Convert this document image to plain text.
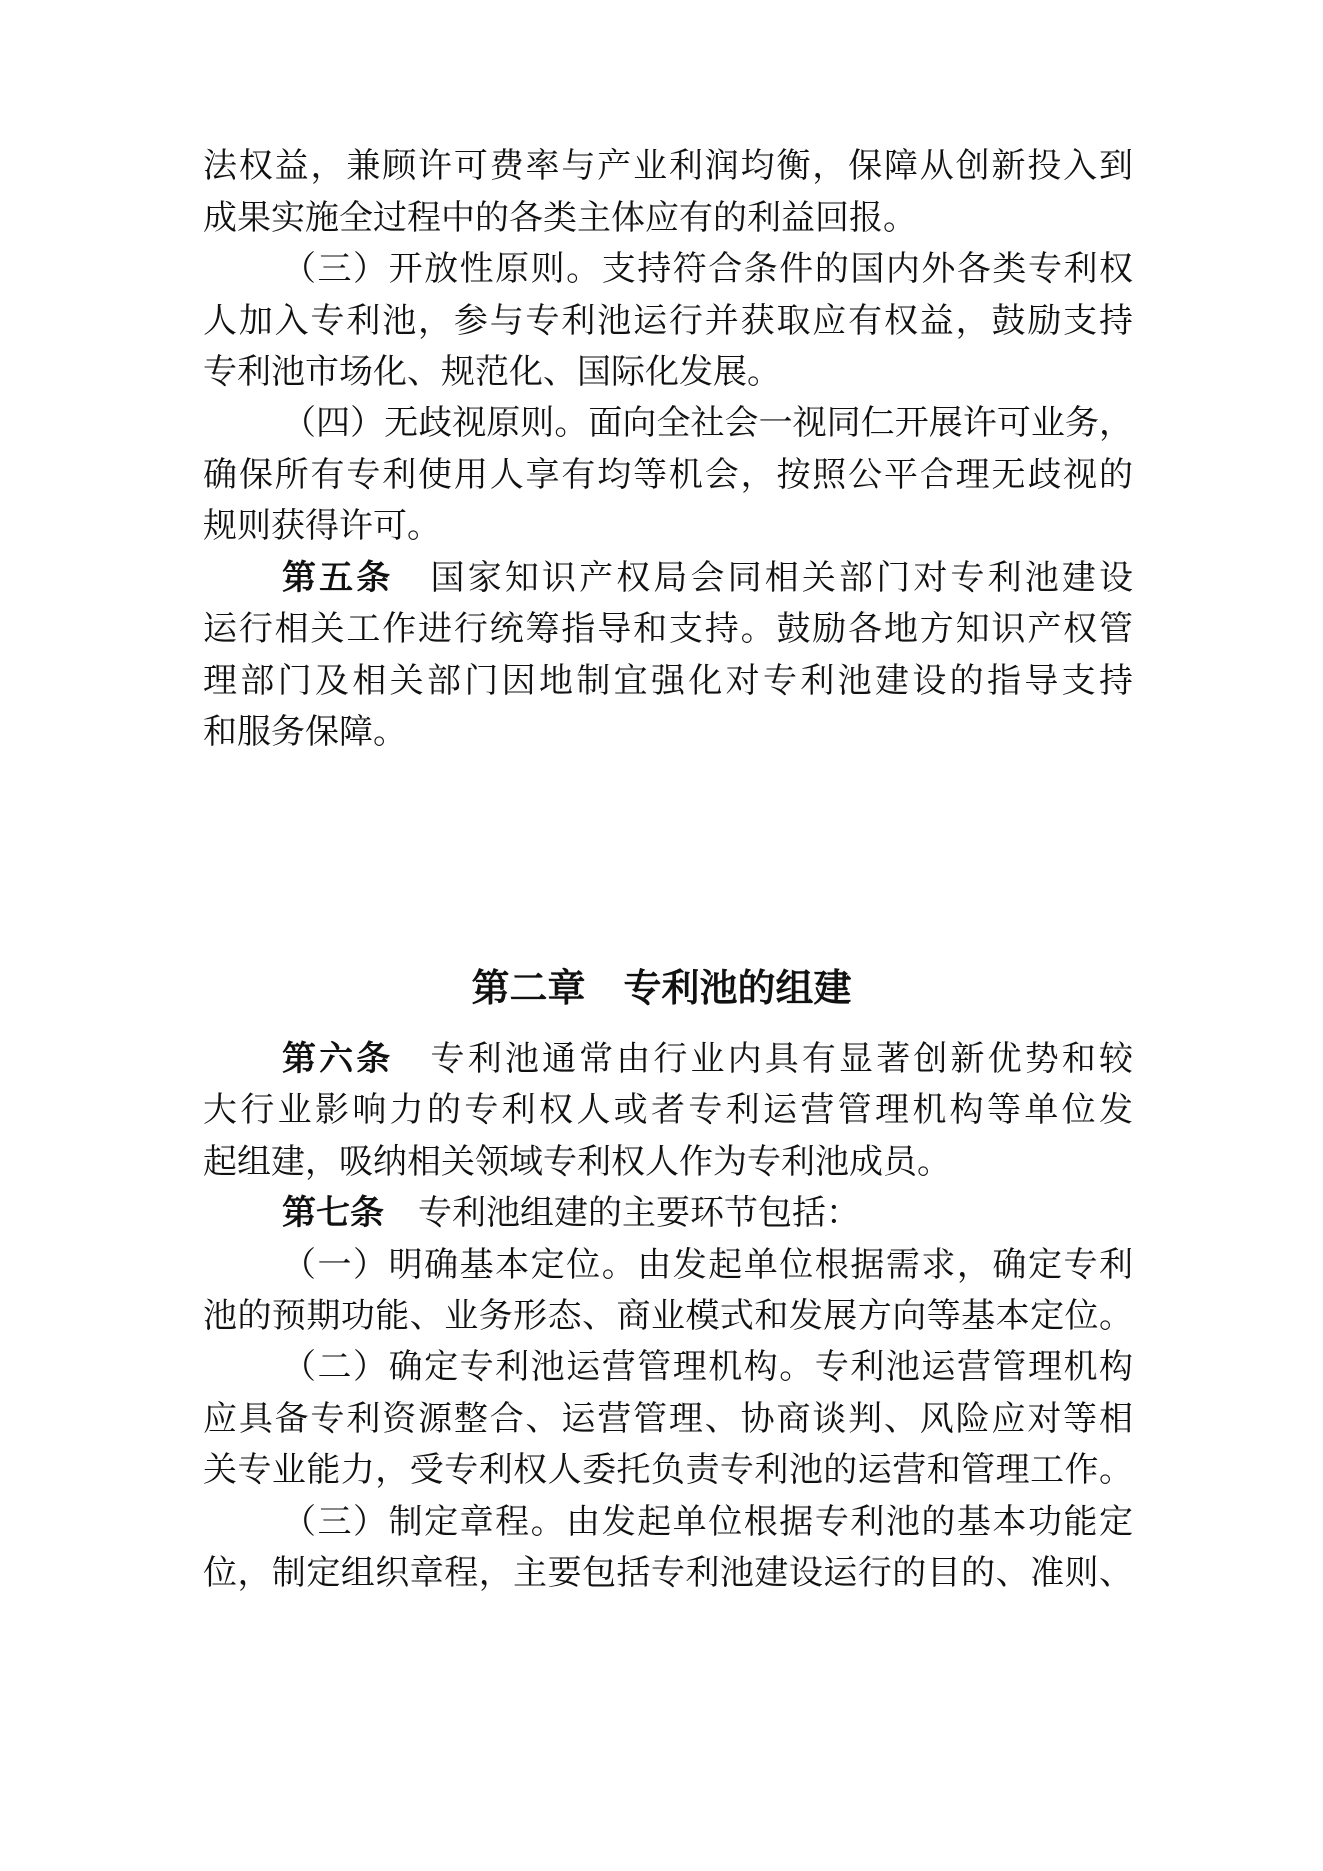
法权益，兼顾许可费率与产业利润均衡，保障从创新投入到
成果实施全过程中的各类主体应有的利益回报。
（三）开放性原则。支持符合条件的国内外各类专利权
人加入专利池，参与专利池运行并获取应有权益，鼓励支持
专利池市场化、规范化、国际化发展。
（四）无歧视原则。面向全社会一视同仁开展许可业务，
确保所有专利使用人享有均等机会，按照公平合理无歧视的
规则获得许可。
第五条 国家知识产权局会同相关部门对专利池建设
运行相关工作进行统筹指导和支持。鼓励各地方知识产权管
理部门及相关部门因地制宜强化对专利池建设的指导支持
和服务保障。
第二章 专利池的组建
第六条 专利池通常由行业内具有显著创新优势和较
大行业影响力的专利权人或者专利运营管理机构等单位发
起组建，吸纳相关领域专利权人作为专利池成员。
第七条 专利池组建的主要环节包括：
（一）明确基本定位。由发起单位根据需求，确定专利
池的预期功能、业务形态、商业模式和发展方向等基本定位。
（二）确定专利池运营管理机构。专利池运营管理机构
应具备专利资源整合、运营管理、协商谈判、风险应对等相
关专业能力，受专利权人委托负责专利池的运营和管理工作。
（三）制定章程。由发起单位根据专利池的基本功能定
位，制定组织章程，主要包括专利池建设运行的目的、准则、
